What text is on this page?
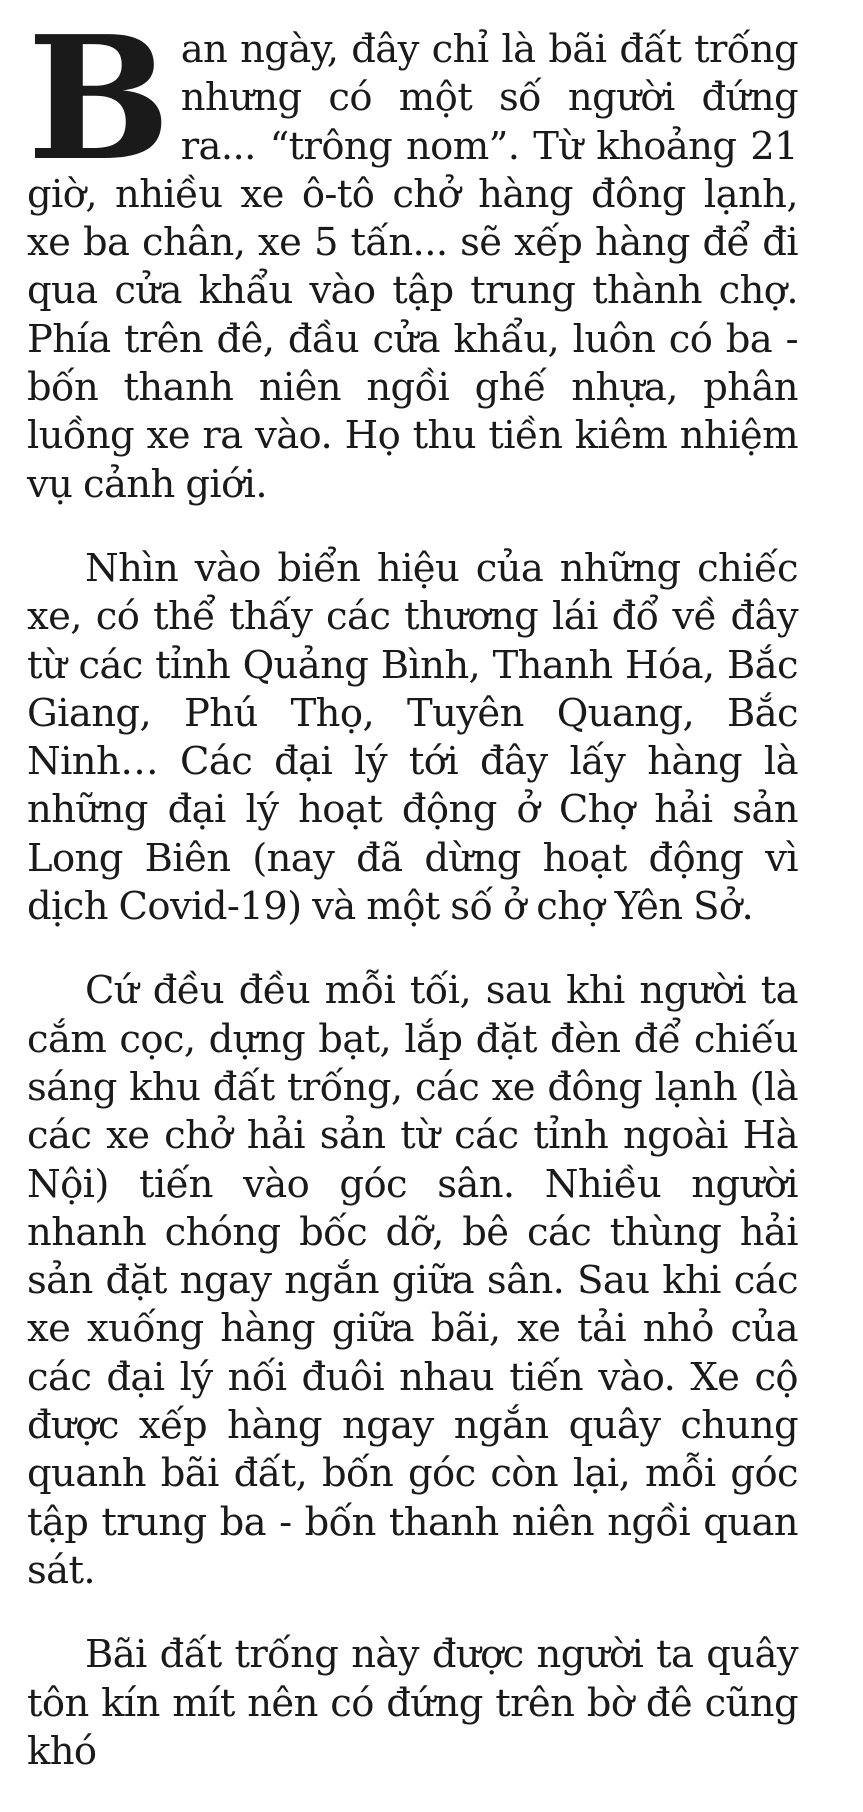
Ban ngày, đây chỉ là bãi đất trống nhưng có một số người đứng ra... “trông nom”. Từ khoảng 21 giờ, nhiều xe ô-tô chở hàng đông lạnh, xe ba chân, xe 5 tấn... sẽ xếp hàng để đi qua cửa khẩu vào tập trung thành chợ. Phía trên đê, đầu cửa khẩu, luôn có ba - bốn thanh niên ngồi ghế nhựa, phân luồng xe ra vào. Họ thu tiền kiêm nhiệm vụ cảnh giới.

Nhìn vào biển hiệu của những chiếc xe, có thể thấy các thương lái đổ về đây từ các tỉnh Quảng Bình, Thanh Hóa, Bắc Giang, Phú Thọ, Tuyên Quang, Bắc Ninh… Các đại lý tới đây lấy hàng là những đại lý hoạt động ở Chợ hải sản Long Biên (nay đã dừng hoạt động vì dịch Covid-19) và một số ở chợ Yên Sở.

Cứ đều đều mỗi tối, sau khi người ta cắm cọc, dựng bạt, lắp đặt đèn để chiếu sáng khu đất trống, các xe đông lạnh (là các xe chở hải sản từ các tỉnh ngoài Hà Nội) tiến vào góc sân. Nhiều người nhanh chóng bốc dỡ, bê các thùng hải sản đặt ngay ngắn giữa sân. Sau khi các xe xuống hàng giữa bãi, xe tải nhỏ của các đại lý nối đuôi nhau tiến vào. Xe cộ được xếp hàng ngay ngắn quây chung quanh bãi đất, bốn góc còn lại, mỗi góc tập trung ba - bốn thanh niên ngồi quan sát.

Bãi đất trống này được người ta quây tôn kín mít nên có đứng trên bờ đê cũng khó
